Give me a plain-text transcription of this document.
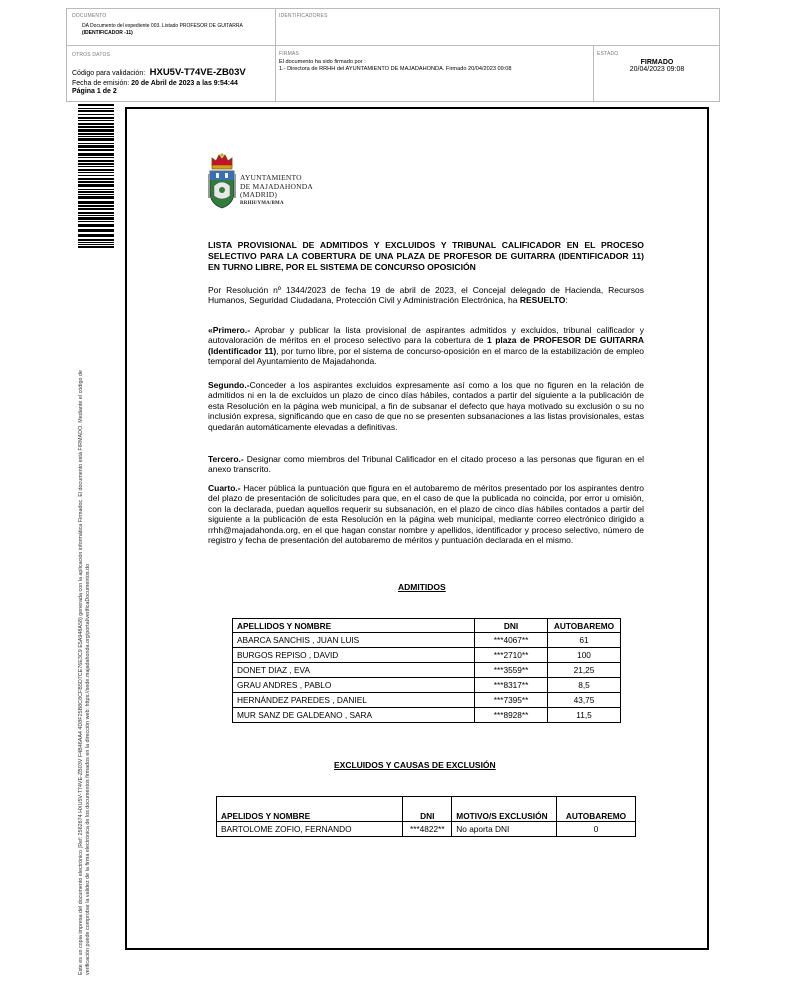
DOCUMENTO
DA Documento del expediente 003. Listado PROFESOR DE GUITARRA
(IDENTIFICADOR -11)
IDENTIFICADORES
OTROS DATOS
Código para validación: HXU5V-T74VE-ZB03V
Fecha de emisión: 20 de Abril de 2023 a las 9:54:44
Página 1 de 2
FIRMAS
El documento ha sido firmado por :
1.- Directora de RRHH del AYUNTAMIENTO DE MAJADAHONDA. Firmado 20/04/2023 09:08
ESTADO
FIRMADO
20/04/2023 09:08
Este es un copia impresa del documento electrónico (Ref: 2562674 HXU5V-T74VE-ZB03V F4B46AA4 4D8F25B8C8CFB5D7CE76E3C9 E5A948A58) generada con la aplicación informática Firmadoc. El documento está FIRMADO. Mediante el código de verificación puede comprobar la validez de la firma electrónica de los documentos firmados en la dirección web: https://sede.majadahonda.org/portal/verificaDocumentos.do
AYUNTAMIENTO
DE MAJADAHONDA
(MADRID)
RRHH/YMA/BMA
LISTA PROVISIONAL DE ADMITIDOS Y EXCLUIDOS Y TRIBUNAL CALIFICADOR EN EL PROCESO SELECTIVO PARA LA COBERTURA DE UNA PLAZA DE PROFESOR DE GUITARRA (IDENTIFICADOR 11) EN TURNO LIBRE, POR EL SISTEMA DE CONCURSO OPOSICIÓN
Por Resolución nº 1344/2023 de fecha 19 de abril de 2023, el Concejal delegado de Hacienda, Recursos Humanos, Seguridad Ciudadana, Protección Civil y Administración Electrónica, ha RESUELTO:
«Primero.- Aprobar y publicar la lista provisional de aspirantes admitidos y excluidos, tribunal calificador y autovaloración de méritos en el proceso selectivo para la cobertura de 1 plaza de PROFESOR DE GUITARRA (Identificador 11), por turno libre, por el sistema de concurso-oposición en el marco de la estabilización de empleo temporal del Ayuntamiento de Majadahonda.
Segundo.-Conceder a los aspirantes excluidos expresamente así como a los que no figuren en la relación de admitidos ni en la de excluidos un plazo de cinco días hábiles, contados a partir del siguiente a la publicación de esta Resolución en la página web municipal, a fin de subsanar el defecto que haya motivado su exclusión o su no inclusión expresa, significando que en caso de que no se presenten subsanaciones a las listas provisionales, estas quedarán automáticamente elevadas a definitivas.
Tercero.- Designar como miembros del Tribunal Calificador en el citado proceso a las personas que figuran en el anexo transcrito.
Cuarto.- Hacer pública la puntuación que figura en el autobaremo de méritos presentado por los aspirantes dentro del plazo de presentación de solicitudes para que, en el caso de que la publicada no coincida, por error u omisión, con la declarada, puedan aquellos requerir su subsanación, en el plazo de cinco días hábiles contados a partir del siguiente a la publicación de esta Resolución en la página web municipal, mediante correo electrónico dirigido a rrhh@majadahonda.org, en el que hagan constar nombre y apellidos, identificador y proceso selectivo, número de registro y fecha de presentación del autobaremo de méritos y puntuación declarada en el mismo.
ADMITIDOS
APELLIDOS Y NOMBRE	DNI	AUTOBAREMO
ABARCA SANCHIS , JUAN LUIS	***4067**	61
BURGOS REPISO , DAVID	***2710**	100
DONET DIAZ , EVA	***3559**	21,25
GRAU ANDRES , PABLO	***8317**	8,5
HERNÁNDEZ PAREDES , DANIEL	***7395**	43,75
MUR SANZ DE GALDEANO , SARA	***8928**	11,5
EXCLUIDOS Y CAUSAS DE EXCLUSIÓN
APELIDOS Y NOMBRE	DNI	MOTIVO/S EXCLUSIÓN	AUTOBAREMO
BARTOLOME ZOFIO, FERNANDO	***4822**	No aporta DNI	0
